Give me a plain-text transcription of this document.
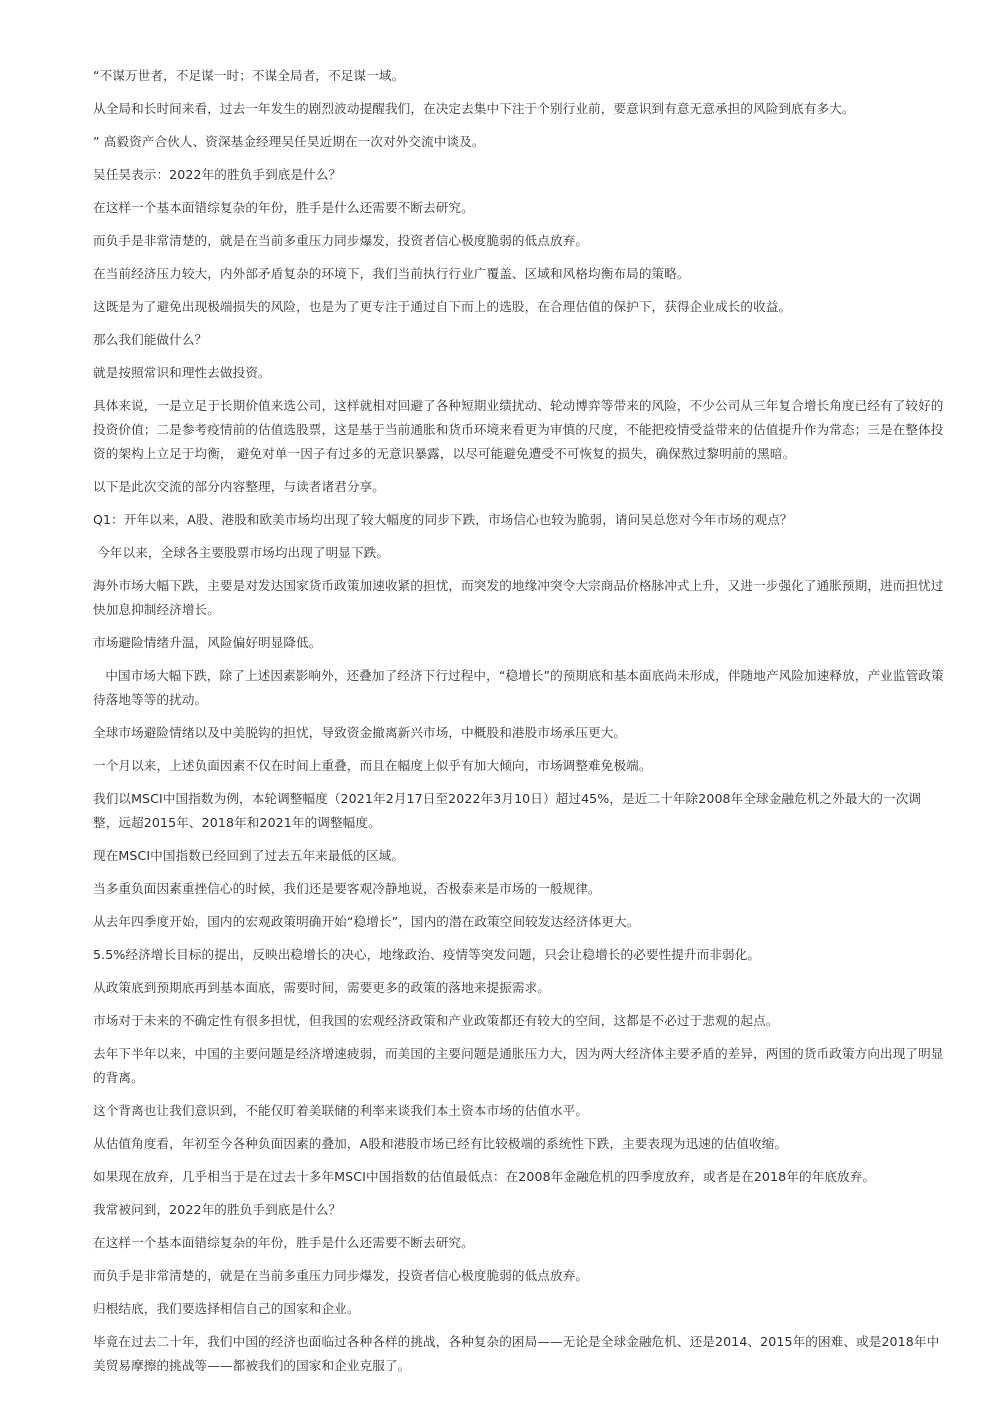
“不谋万世者，不足谋一时；不谋全局者，不足谋一域。

从全局和长时间来看，过去一年发生的剧烈波动提醒我们，在决定去集中下注于个别行业前，要意识到有意无意承担的风险到底有多大。

” 高毅资产合伙人、资深基金经理吴任昊近期在一次对外交流中谈及。

吴任昊表示：2022年的胜负手到底是什么？

在这样一个基本面错综复杂的年份，胜手是什么还需要不断去研究。

而负手是非常清楚的，就是在当前多重压力同步爆发，投资者信心极度脆弱的低点放弃。

在当前经济压力较大，内外部矛盾复杂的环境下，我们当前执行行业广覆盖、区域和风格均衡布局的策略。

这既是为了避免出现极端损失的风险，也是为了更专注于通过自下而上的选股，在合理估值的保护下，获得企业成长的收益。

那么我们能做什么？

就是按照常识和理性去做投资。

具体来说，一是立足于长期价值来选公司，这样就相对回避了各种短期业绩扰动、轮动博弈等带来的风险，不少公司从三年复合增长角度已经有了较好的投资价值；二是参考疫情前的估值选股票，这是基于当前通胀和货币环境来看更为审慎的尺度，不能把疫情受益带来的估值提升作为常态；三是在整体投资的架构上立足于均衡， 避免对单一因子有过多的无意识暴露，以尽可能避免遭受不可恢复的损失，确保熬过黎明前的黑暗。

以下是此次交流的部分内容整理，与读者诸君分享。

Q1：开年以来，A股、港股和欧美市场均出现了较大幅度的同步下跌，市场信心也较为脆弱，请问吴总您对今年市场的观点？

今年以来，全球各主要股票市场均出现了明显下跌。

海外市场大幅下跌，主要是对发达国家货币政策加速收紧的担忧，而突发的地缘冲突令大宗商品价格脉冲式上升，又进一步强化了通胀预期，进而担忧过快加息抑制经济增长。

市场避险情绪升温，风险偏好明显降低。

中国市场大幅下跌，除了上述因素影响外，还叠加了经济下行过程中，“稳增长”的预期底和基本面底尚未形成，伴随地产风险加速释放，产业监管政策待落地等等的扰动。

全球市场避险情绪以及中美脱钩的担忧，导致资金撤离新兴市场，中概股和港股市场承压更大。

一个月以来，上述负面因素不仅在时间上重叠，而且在幅度上似乎有加大倾向，市场调整难免极端。

我们以MSCI中国指数为例，本轮调整幅度（2021年2月17日至2022年3月10日）超过45%，是近二十年除2008年全球金融危机之外最大的一次调整，远超2015年、2018年和2021年的调整幅度。

现在MSCI中国指数已经回到了过去五年来最低的区域。

当多重负面因素重挫信心的时候，我们还是要客观冷静地说，否极泰来是市场的一般规律。

从去年四季度开始，国内的宏观政策明确开始“稳增长”，国内的潜在政策空间较发达经济体更大。

5.5%经济增长目标的提出，反映出稳增长的决心，地缘政治、疫情等突发问题，只会让稳增长的必要性提升而非弱化。

从政策底到预期底再到基本面底，需要时间，需要更多的政策的落地来提振需求。

市场对于未来的不确定性有很多担忧，但我国的宏观经济政策和产业政策都还有较大的空间，这都是不必过于悲观的起点。

去年下半年以来，中国的主要问题是经济增速疲弱，而美国的主要问题是通胀压力大，因为两大经济体主要矛盾的差异，两国的货币政策方向出现了明显的背离。

这个背离也让我们意识到，不能仅盯着美联储的利率来谈我们本土资本市场的估值水平。

从估值角度看，年初至今各种负面因素的叠加，A股和港股市场已经有比较极端的系统性下跌，主要表现为迅速的估值收缩。

如果现在放弃，几乎相当于是在过去十多年MSCI中国指数的估值最低点：在2008年金融危机的四季度放弃，或者是在2018年的年底放弃。

我常被问到，2022年的胜负手到底是什么？

在这样一个基本面错综复杂的年份，胜手是什么还需要不断去研究。

而负手是非常清楚的，就是在当前多重压力同步爆发，投资者信心极度脆弱的低点放弃。

归根结底，我们要选择相信自己的国家和企业。

毕竟在过去二十年，我们中国的经济也面临过各种各样的挑战，各种复杂的困局——无论是全球金融危机、还是2014、2015年的困难、或是2018年中美贸易摩擦的挑战等——都被我们的国家和企业克服了。
